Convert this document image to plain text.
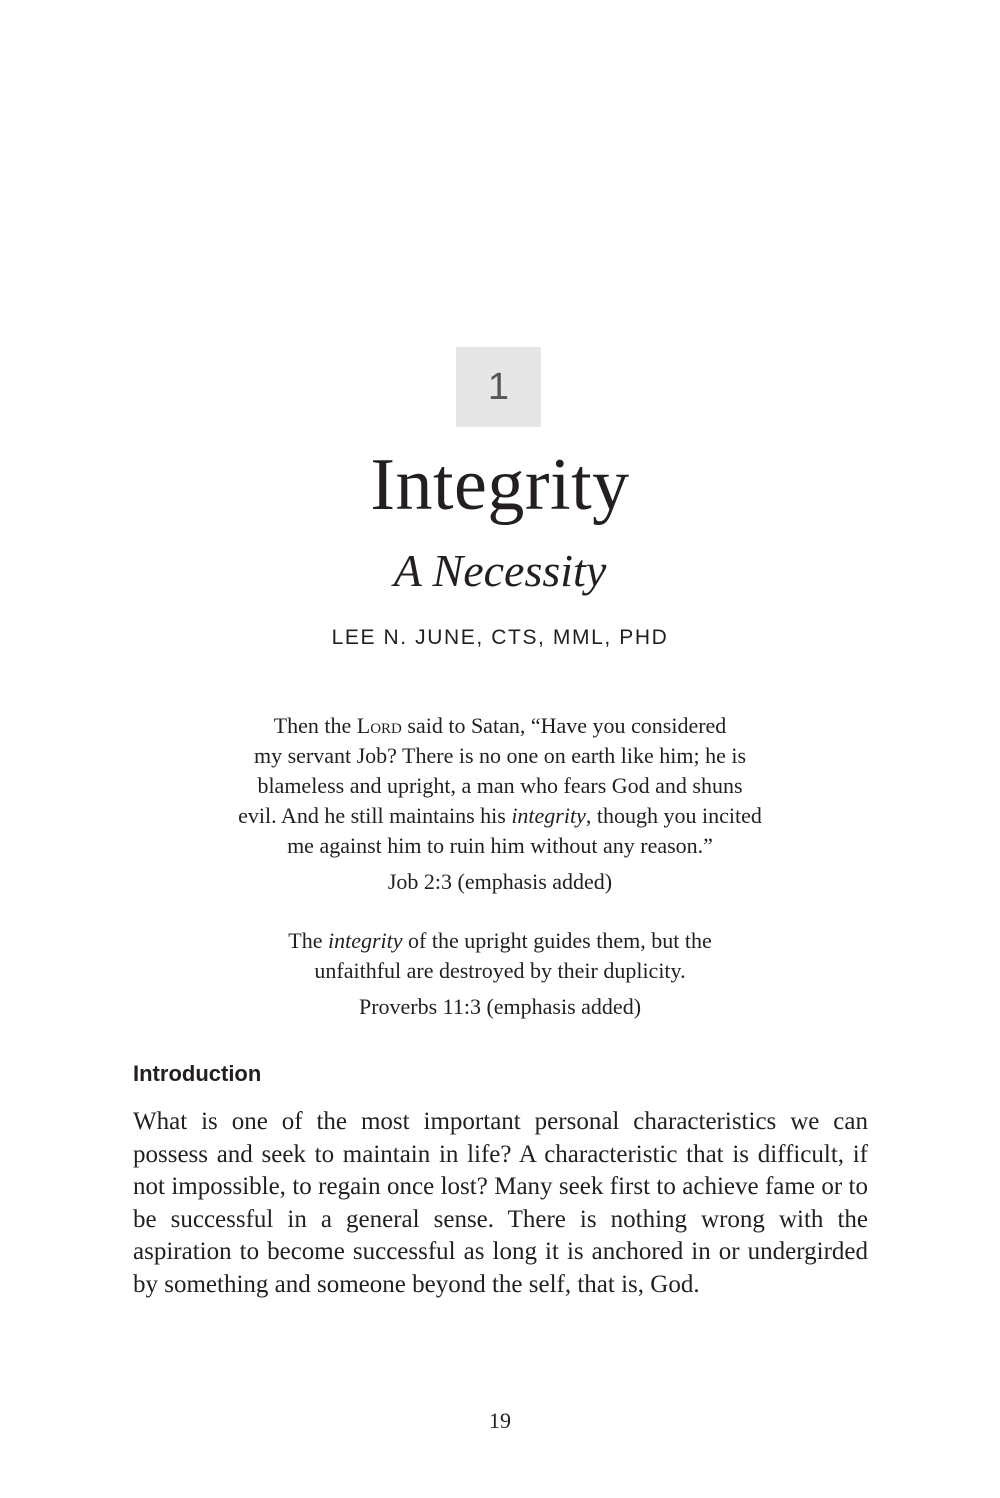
1
Integrity
A Necessity
LEE N. JUNE, CTS, MML, PHD

Then the Lord said to Satan, “Have you considered

my servant Job? There is no one on earth like him; he is

blameless and upright, a man who fears God and shuns

evil. And he still maintains his integrity, though you incited

me against him to ruin him without any reason.”

Job 2:3 (emphasis added)

The integrity of the upright guides them, but the

unfaithful are destroyed by their duplicity.

Proverbs 11:3 (emphasis added)

Introduction

What is one of the most important personal characteristics we can possess and seek to maintain in life? A characteristic that is difficult, if not impossible, to regain once lost? Many seek first to achieve fame or to be successful in a general sense. There is nothing wrong with the aspiration to become successful as long it is anchored in or undergirded by something and someone beyond the self, that is, God.

19
